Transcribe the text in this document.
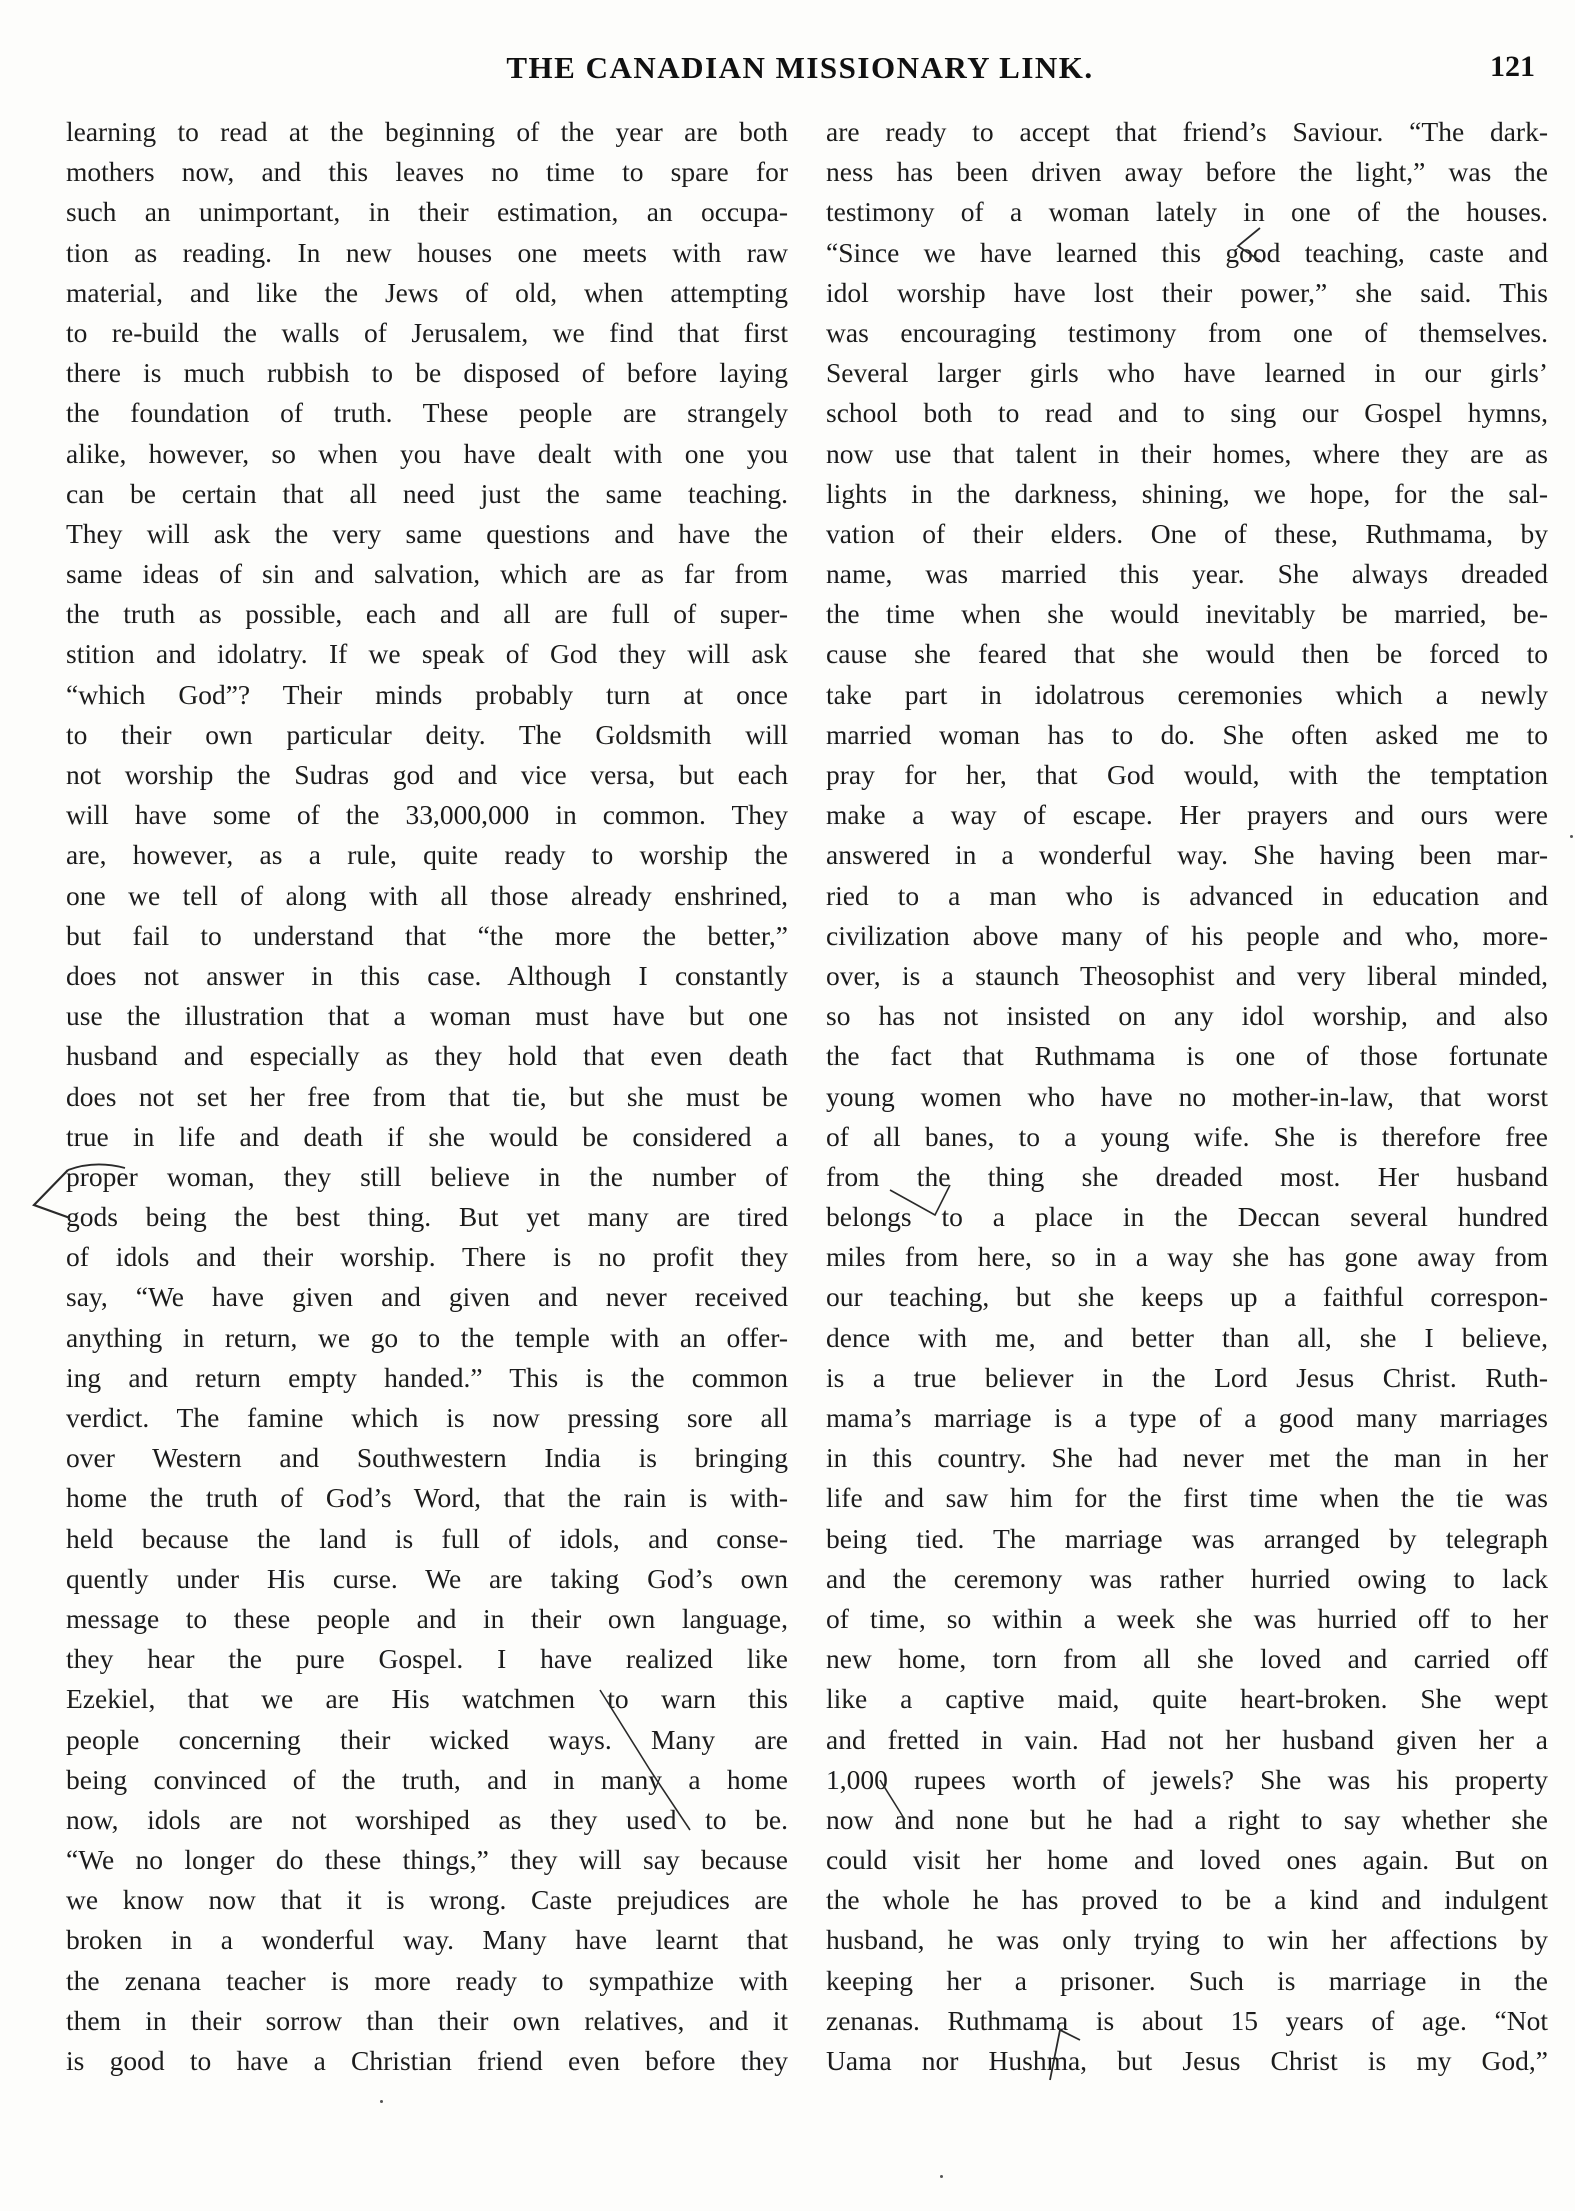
THE CANADIAN MISSIONARY LINK.	121
learning to read at the beginning of the year are both
mothers now, and this leaves no time to spare for
such an unimportant, in their estimation, an occupa-
tion as reading. In new houses one meets with raw
material, and like the Jews of old, when attempting
to re-build the walls of Jerusalem, we find that first
there is much rubbish to be disposed of before laying
the foundation of truth. These people are strangely
alike, however, so when you have dealt with one you
can be certain that all need just the same teaching.
They will ask the very same questions and have the
same ideas of sin and salvation, which are as far from
the truth as possible, each and all are full of super-
stition and idolatry. If we speak of God they will ask
“which God”? Their minds probably turn at once
to their own particular deity. The Goldsmith will
not worship the Sudras god and vice versa, but each
will have some of the 33,000,000 in common. They
are, however, as a rule, quite ready to worship the
one we tell of along with all those already enshrined,
but fail to understand that “the more the better,”
does not answer in this case. Although I constantly
use the illustration that a woman must have but one
husband and especially as they hold that even death
does not set her free from that tie, but she must be
true in life and death if she would be considered a
proper woman, they still believe in the number of
gods being the best thing. But yet many are tired
of idols and their worship. There is no profit they
say, “We have given and given and never received
anything in return, we go to the temple with an offer-
ing and return empty handed.” This is the common
verdict. The famine which is now pressing sore all
over Western and Southwestern India is bringing
home the truth of God’s Word, that the rain is with-
held because the land is full of idols, and conse-
quently under His curse. We are taking God’s own
message to these people and in their own language,
they hear the pure Gospel. I have realized like
Ezekiel, that we are His watchmen to warn this
people concerning their wicked ways. Many are
being convinced of the truth, and in many a home
now, idols are not worshiped as they used to be.
“We no longer do these things,” they will say because
we know now that it is wrong. Caste prejudices are
broken in a wonderful way. Many have learnt that
the zenana teacher is more ready to sympathize with
them in their sorrow than their own relatives, and it
is good to have a Christian friend even before they
are ready to accept that friend’s Saviour. “The dark-
ness has been driven away before the light,” was the
testimony of a woman lately in one of the houses.
“Since we have learned this good teaching, caste and
idol worship have lost their power,” she said. This
was encouraging testimony from one of themselves.
Several larger girls who have learned in our girls’
school both to read and to sing our Gospel hymns,
now use that talent in their homes, where they are as
lights in the darkness, shining, we hope, for the sal-
vation of their elders. One of these, Ruthmama, by
name, was married this year. She always dreaded
the time when she would inevitably be married, be-
cause she feared that she would then be forced to
take part in idolatrous ceremonies which a newly
married woman has to do. She often asked me to
pray for her, that God would, with the temptation
make a way of escape. Her prayers and ours were
answered in a wonderful way. She having been mar-
ried to a man who is advanced in education and
civilization above many of his people and who, more-
over, is a staunch Theosophist and very liberal minded,
so has not insisted on any idol worship, and also
the fact that Ruthmama is one of those fortunate
young women who have no mother-in-law, that worst
of all banes, to a young wife. She is therefore free
from the thing she dreaded most. Her husband
belongs to a place in the Deccan several hundred
miles from here, so in a way she has gone away from
our teaching, but she keeps up a faithful correspon-
dence with me, and better than all, she I believe,
is a true believer in the Lord Jesus Christ. Ruth-
mama’s marriage is a type of a good many marriages
in this country. She had never met the man in her
life and saw him for the first time when the tie was
being tied. The marriage was arranged by telegraph
and the ceremony was rather hurried owing to lack
of time, so within a week she was hurried off to her
new home, torn from all she loved and carried off
like a captive maid, quite heart-broken. She wept
and fretted in vain. Had not her husband given her a
1,000 rupees worth of jewels? She was his property
now and none but he had a right to say whether she
could visit her home and loved ones again. But on
the whole he has proved to be a kind and indulgent
husband, he was only trying to win her affections by
keeping her a prisoner. Such is marriage in the
zenanas. Ruthmama is about 15 years of age. “Not
Uama nor Hushma, but Jesus Christ is my God,”
